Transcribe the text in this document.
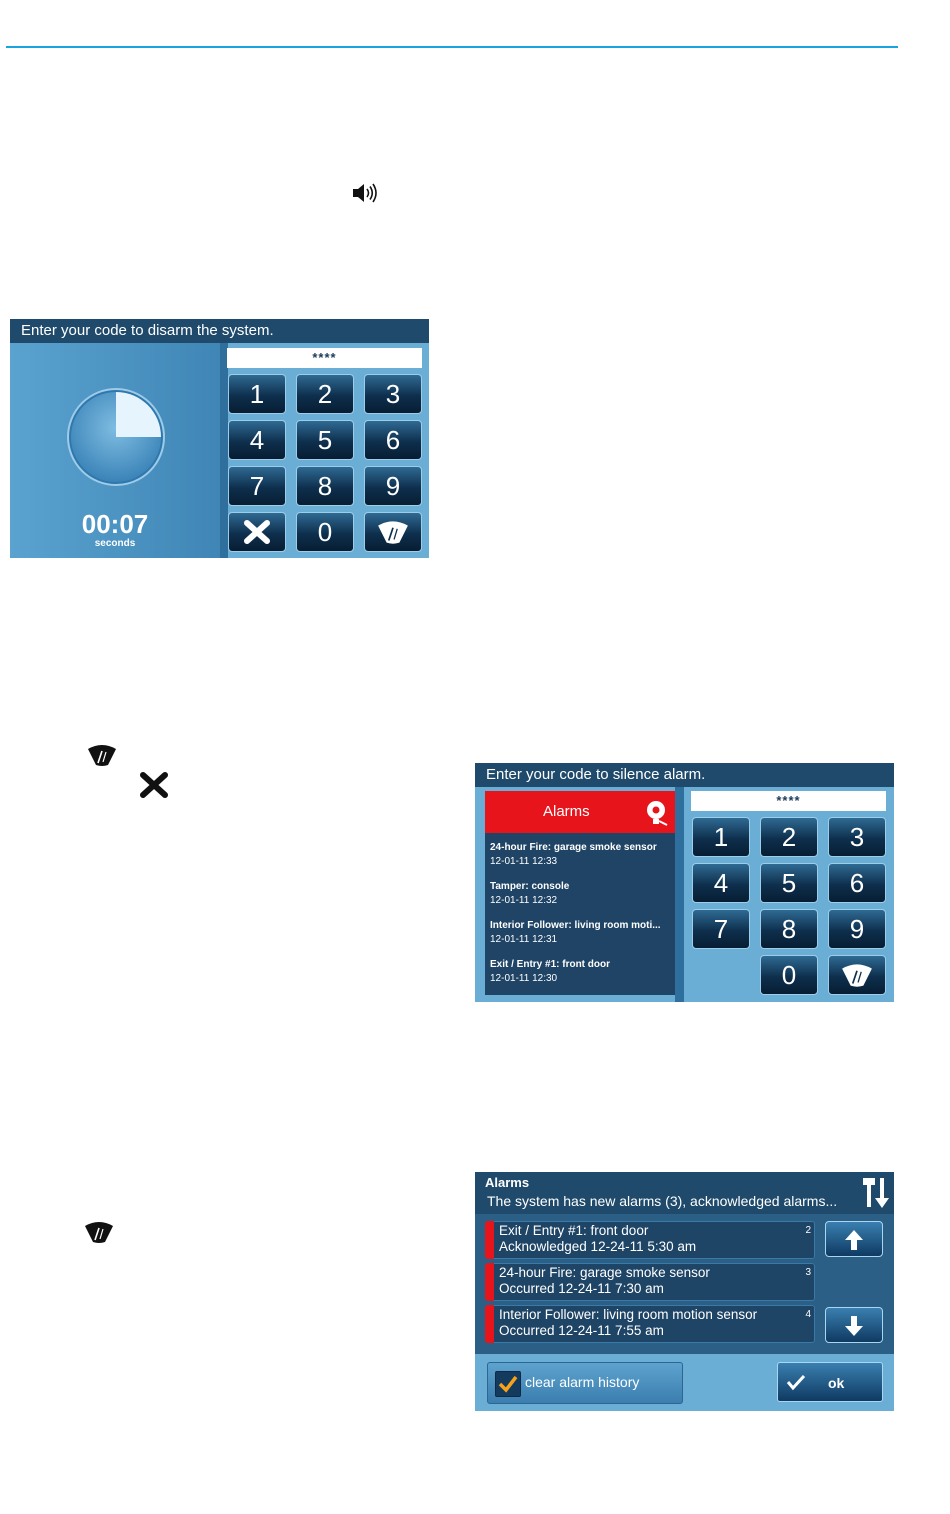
Enter your code to disarm the system.
00:07
seconds
****
1	2	3
4	5	6
7	8	9
0
Enter your code to silence alarm.
Alarms
24-hour Fire: garage smoke sensor
12-01-11 12:33
Tamper: console
12-01-11 12:32
Interior Follower: living room moti...
12-01-11 12:31
Exit / Entry #1: front door
12-01-11 12:30
****
1	2	3
4	5	6
7	8	9
0
Alarms
The system has new alarms (3), acknowledged alarms...
Exit / Entry #1: front door
Acknowledged 12-24-11 5:30 am
2
24-hour Fire: garage smoke sensor
Occurred 12-24-11 7:30 am
3
Interior Follower: living room motion sensor
Occurred 12-24-11 7:55 am
4
clear alarm history	ok
